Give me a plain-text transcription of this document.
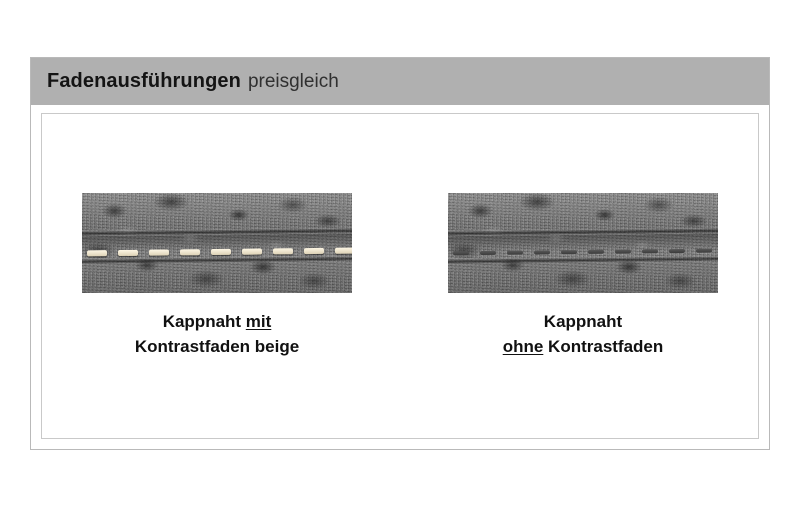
Fadenausführungen preisgleich
Kappnaht mit
Kontrastfaden beige
Kappnaht
ohne Kontrastfaden
